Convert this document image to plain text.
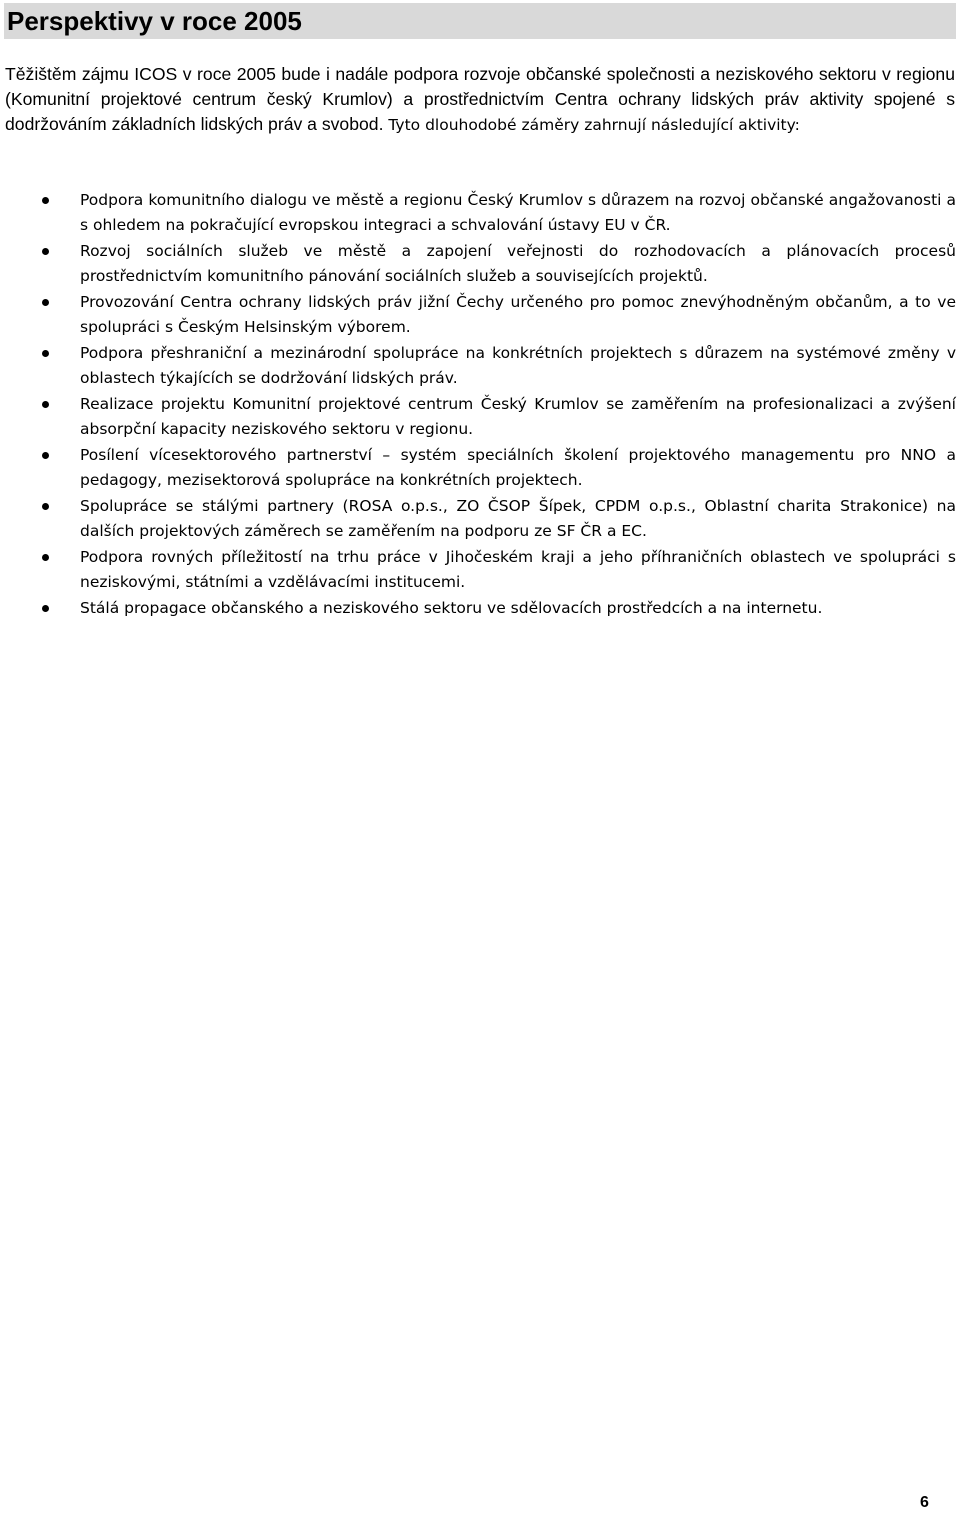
Perspektivy v roce 2005

Těžištěm zájmu ICOS v roce 2005 bude i nadále podpora rozvoje občanské společnosti a neziskového sektoru v regionu (Komunitní projektové centrum český Krumlov) a prostřednictvím Centra ochrany lidských práv aktivity spojené s dodržováním základních lidských práv a svobod. Tyto dlouhodobé záměry zahrnují následující aktivity:

Podpora komunitního dialogu ve městě a regionu Český Krumlov s důrazem na rozvoj občanské angažovanosti a s ohledem na pokračující evropskou integraci a schvalování ústavy EU v ČR.
Rozvoj sociálních služeb ve městě a zapojení veřejnosti do rozhodovacích a plánovacích procesů prostřednictvím komunitního pánování sociálních služeb a souvisejících projektů.
Provozování Centra ochrany lidských práv jižní Čechy určeného pro pomoc znevýhodněným občanům, a to ve spolupráci s Českým Helsinským výborem.
Podpora přeshraniční a mezinárodní spolupráce na konkrétních projektech s důrazem na systémové změny v oblastech týkajících se dodržování lidských práv.
Realizace projektu Komunitní projektové centrum Český Krumlov se zaměřením na profesionalizaci a zvýšení absorpční kapacity neziskového sektoru v regionu.
Posílení vícesektorového partnerství – systém speciálních školení projektového managementu pro NNO a pedagogy, mezisektorová spolupráce na konkrétních projektech.
Spolupráce se stálými partnery (ROSA o.p.s., ZO ČSOP Šípek, CPDM o.p.s., Oblastní charita Strakonice) na dalších projektových záměrech se zaměřením na podporu ze SF ČR a EC.
Podpora rovných příležitostí na trhu práce v Jihočeském kraji a jeho příhraničních oblastech ve spolupráci s neziskovými, státními a vzdělávacími institucemi.
Stálá propagace občanského a neziskového sektoru ve sdělovacích prostředcích a na internetu.
6
